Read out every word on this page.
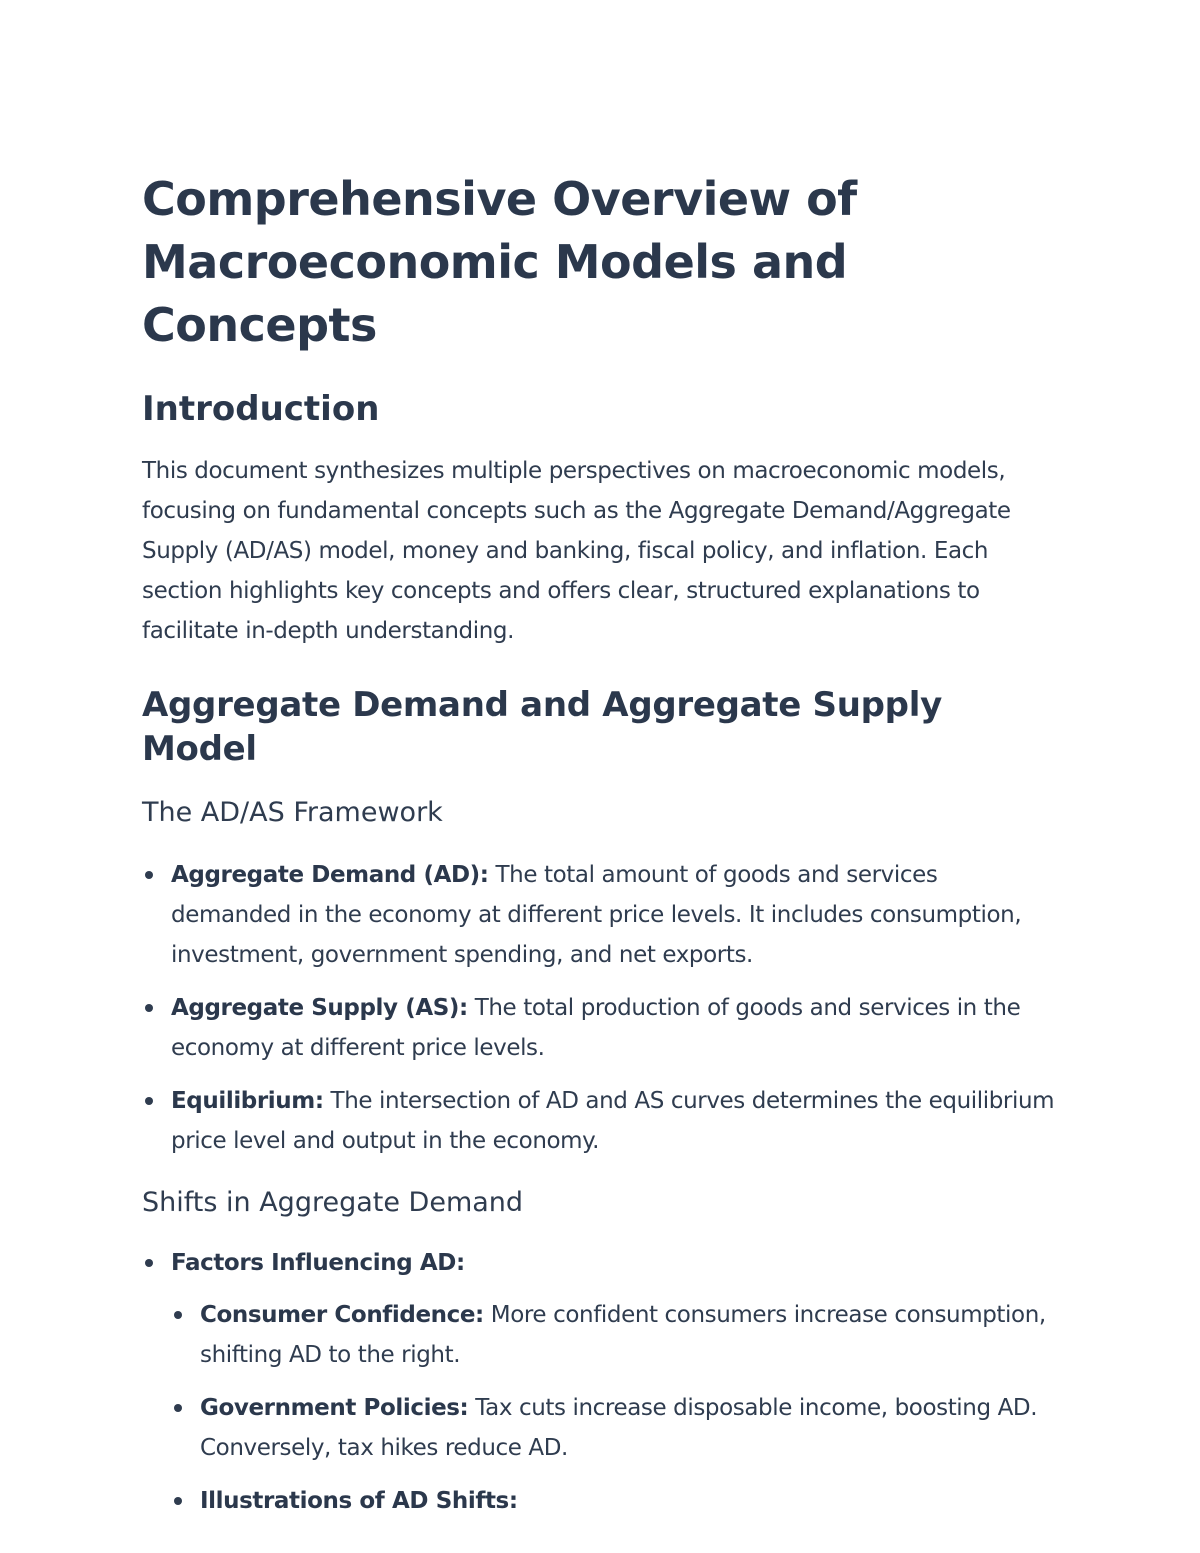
Comprehensive Overview of Macroeconomic Models and Concepts
Introduction

This document synthesizes multiple perspectives on macroeconomic models, focusing on fundamental concepts such as the Aggregate Demand/Aggregate Supply (AD/AS) model, money and banking, fiscal policy, and inflation. Each section highlights key concepts and offers clear, structured explanations to facilitate in-depth understanding.

Aggregate Demand and Aggregate Supply Model
The AD/AS Framework
Aggregate Demand (AD): The total amount of goods and services demanded in the economy at different price levels. It includes consumption, investment, government spending, and net exports.
Aggregate Supply (AS): The total production of goods and services in the economy at different price levels.
Equilibrium: The intersection of AD and AS curves determines the equilibrium price level and output in the economy.
Shifts in Aggregate Demand
Factors Influencing AD:
Consumer Confidence: More confident consumers increase consumption, shifting AD to the right.
Government Policies: Tax cuts increase disposable income, boosting AD. Conversely, tax hikes reduce AD.
Illustrations of AD Shifts:
